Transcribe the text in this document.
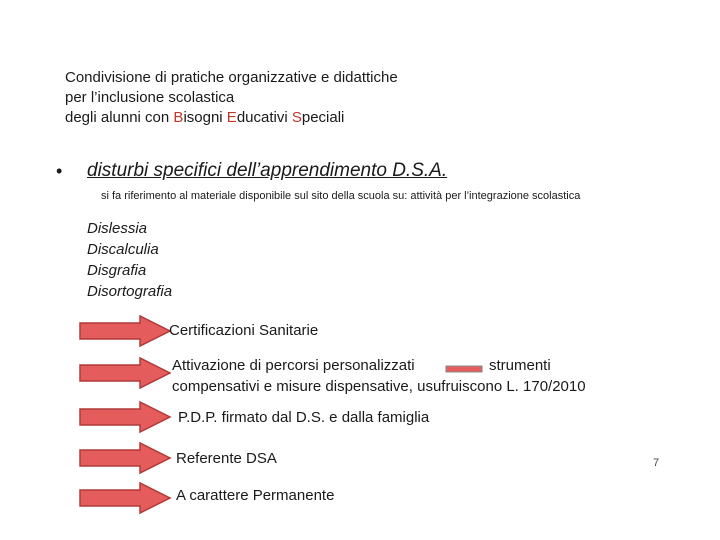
Condivisione di pratiche organizzative e didattiche
per l’inclusione scolastica
degli alunni con Bisogni Educativi Speciali
• disturbi specifici dell’apprendimento D.S.A.
si fa riferimento al materiale disponibile sul sito della scuola su: attività per l’integrazione scolastica
Dislessia
Discalculia
Disgrafia
Disortografia
Certificazioni Sanitarie
Attivazione di percorsi personalizzati	strumenti
compensativi e misure dispensative, usufruiscono L. 170/2010
P.D.P. firmato dal D.S. e dalla famiglia
Referente DSA
A carattere Permanente
7
